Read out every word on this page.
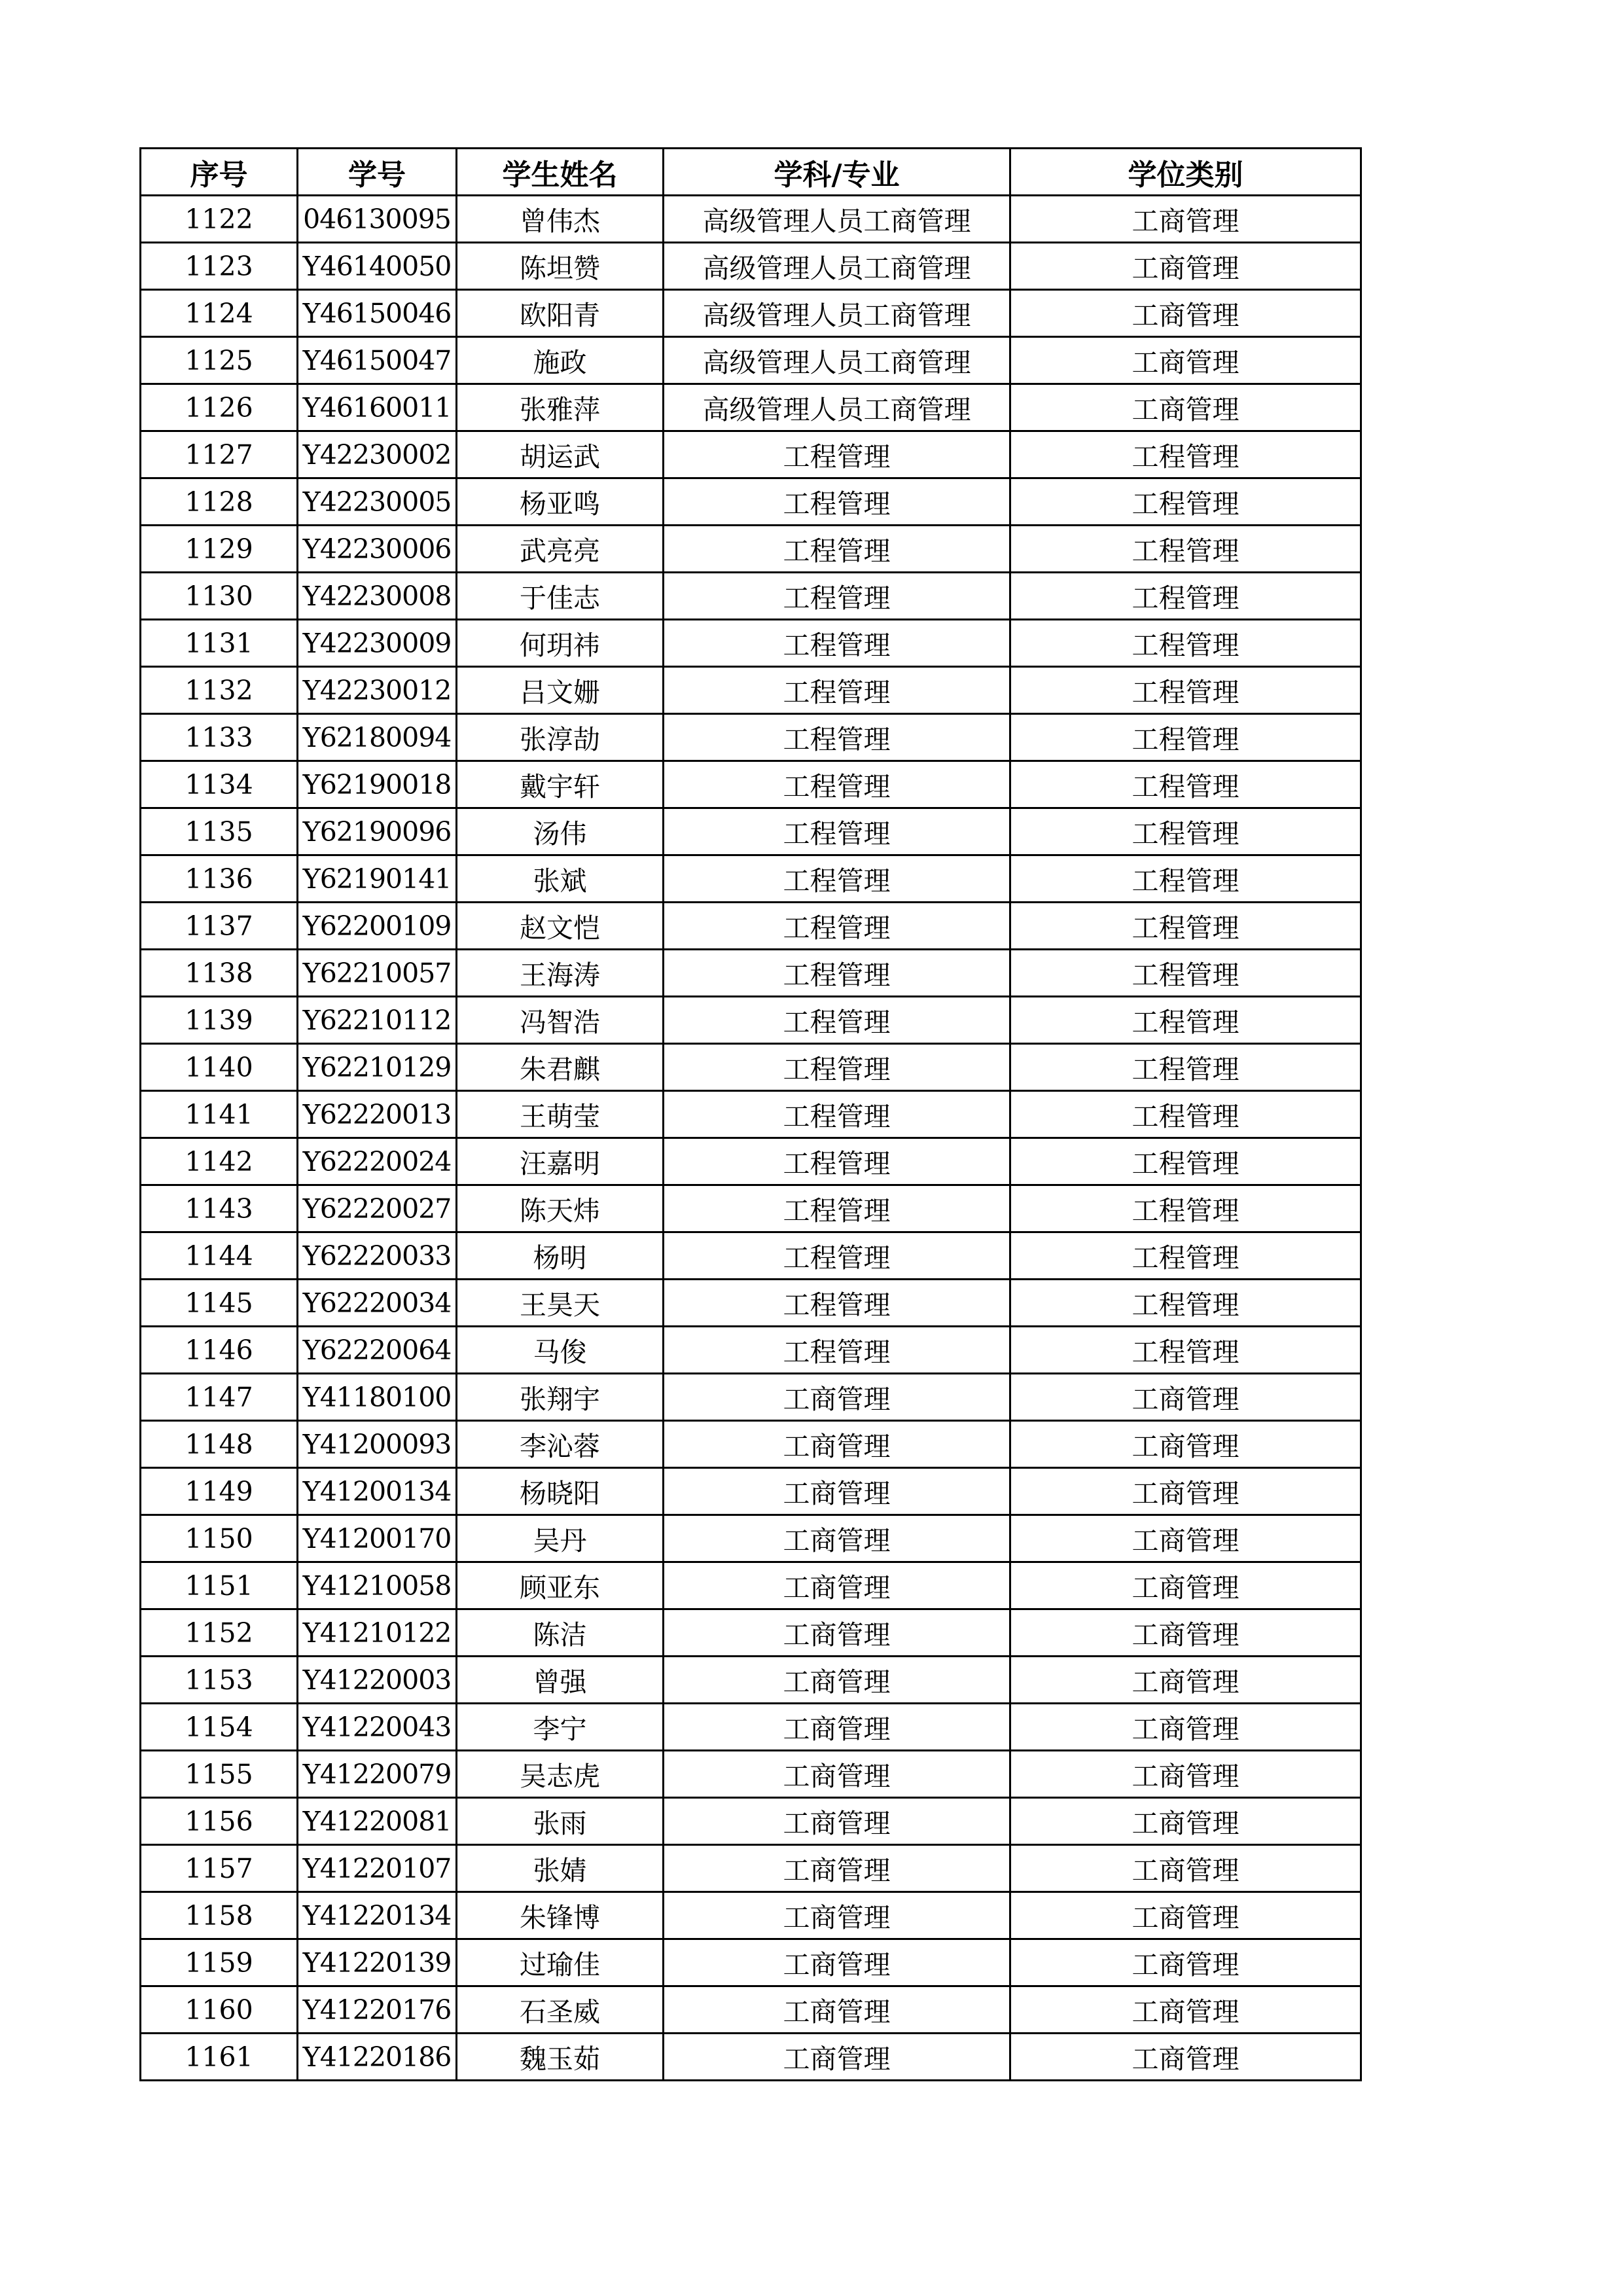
序号	学号	学生姓名	学科/专业	学位类别
1122	046130095	曾伟杰	高级管理人员工商管理	工商管理
1123	Y46140050	陈坦赞	高级管理人员工商管理	工商管理
1124	Y46150046	欧阳青	高级管理人员工商管理	工商管理
1125	Y46150047	施政	高级管理人员工商管理	工商管理
1126	Y46160011	张雅萍	高级管理人员工商管理	工商管理
1127	Y42230002	胡运武	工程管理	工程管理
1128	Y42230005	杨亚鸣	工程管理	工程管理
1129	Y42230006	武亮亮	工程管理	工程管理
1130	Y42230008	于佳志	工程管理	工程管理
1131	Y42230009	何玥祎	工程管理	工程管理
1132	Y42230012	吕文姗	工程管理	工程管理
1133	Y62180094	张淳劼	工程管理	工程管理
1134	Y62190018	戴宇轩	工程管理	工程管理
1135	Y62190096	汤伟	工程管理	工程管理
1136	Y62190141	张斌	工程管理	工程管理
1137	Y62200109	赵文恺	工程管理	工程管理
1138	Y62210057	王海涛	工程管理	工程管理
1139	Y62210112	冯智浩	工程管理	工程管理
1140	Y62210129	朱君麒	工程管理	工程管理
1141	Y62220013	王萌莹	工程管理	工程管理
1142	Y62220024	汪嘉明	工程管理	工程管理
1143	Y62220027	陈天炜	工程管理	工程管理
1144	Y62220033	杨明	工程管理	工程管理
1145	Y62220034	王昊天	工程管理	工程管理
1146	Y62220064	马俊	工程管理	工程管理
1147	Y41180100	张翔宇	工商管理	工商管理
1148	Y41200093	李沁蓉	工商管理	工商管理
1149	Y41200134	杨晓阳	工商管理	工商管理
1150	Y41200170	吴丹	工商管理	工商管理
1151	Y41210058	顾亚东	工商管理	工商管理
1152	Y41210122	陈洁	工商管理	工商管理
1153	Y41220003	曾强	工商管理	工商管理
1154	Y41220043	李宁	工商管理	工商管理
1155	Y41220079	吴志虎	工商管理	工商管理
1156	Y41220081	张雨	工商管理	工商管理
1157	Y41220107	张婧	工商管理	工商管理
1158	Y41220134	朱锋博	工商管理	工商管理
1159	Y41220139	过瑜佳	工商管理	工商管理
1160	Y41220176	石圣威	工商管理	工商管理
1161	Y41220186	魏玉茹	工商管理	工商管理
